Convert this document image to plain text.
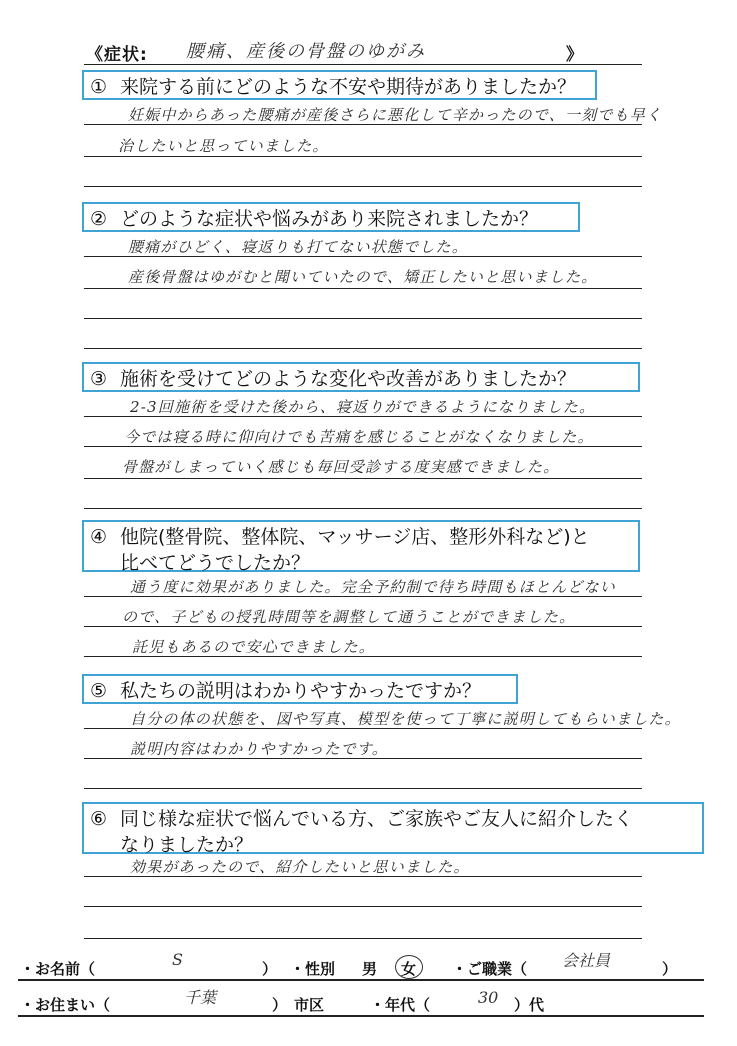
《症状: 腰痛、産後の骨盤のゆがみ	》
① 来院する前にどのような不安や期待がありましたか？
妊娠中からあった腰痛が産後さらに悪化して辛かったので、一刻でも早く
治したいと思っていました。
② どのような症状や悩みがあり来院されましたか？
腰痛がひどく、寝返りも打てない状態でした。
産後骨盤はゆがむと聞いていたので、矯正したいと思いました。
③ 施術を受けてどのような変化や改善がありましたか？
2-3回施術を受けた後から、寝返りができるようになりました。
今では寝る時に仰向けでも苦痛を感じることがなくなりました。
骨盤がしまっていく感じも毎回受診する度実感できました。
④ 他院(整骨院、整体院、マッサージ店、整形外科など)と
比べてどうでしたか？
通う度に効果がありました。完全予約制で待ち時間もほとんどない
ので、子どもの授乳時間等を調整して通うことができました。
託児もあるので安心できました。
⑤ 私たちの説明はわかりやすかったですか？
自分の体の状態を、図や写真、模型を使って丁寧に説明してもらいました。
説明内容はわかりやすかったです。
⑥ 同じ様な症状で悩んでいる方、ご家族やご友人に紹介したく
なりましたか？
効果があったので、紹介したいと思いました。
・お名前（	S	） ・性別 男 女 ・ご職業（ 会社員	）
・お住まい（	千葉	） 市区	・年代（	30 ）代
